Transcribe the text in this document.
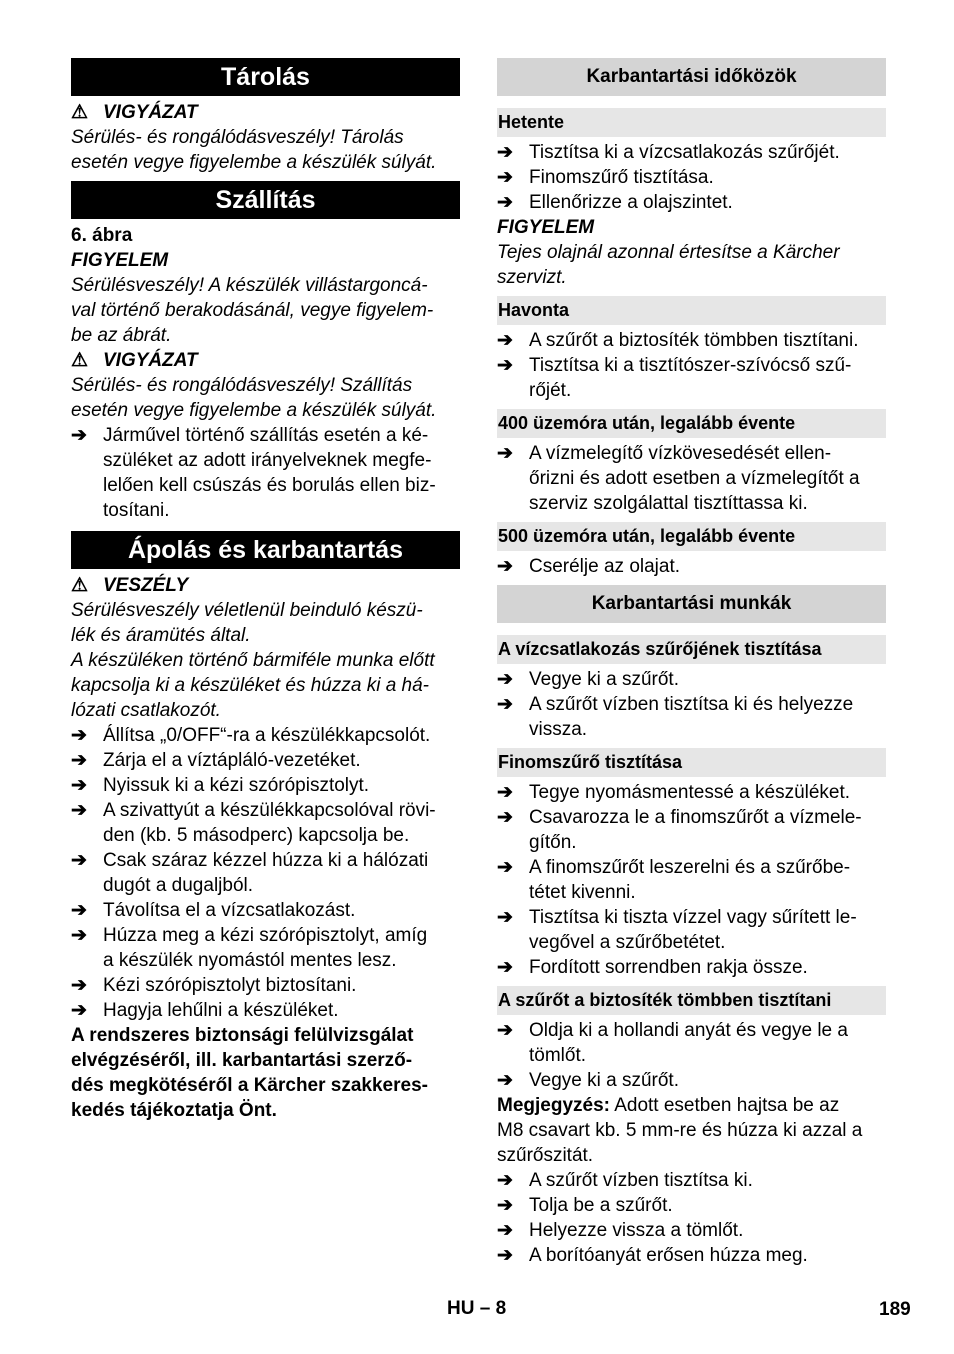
Tárolás
⚠ VIGYÁZAT
Sérülés- és rongálódásveszély! Tárolás
esetén vegye figyelembe a készülék súlyát.
Szállítás
6. ábra
FIGYELEM
Sérülésveszély! A készülék villástargoncá-
val történő berakodásánál, vegye figyelem-
be az ábrát.
⚠ VIGYÁZAT
Sérülés- és rongálódásveszély! Szállítás
esetén vegye figyelembe a készülék súlyát.
➔
Járművel történő szállítás esetén a ké-
szüléket az adott irányelveknek megfe-
lelően kell csúszás és borulás ellen biz-
tosítani.
Ápolás és karbantartás
⚠ VESZÉLY
Sérülésveszély véletlenül beinduló készü-
lék és áramütés által.
A készüléken történő bármiféle munka előtt
kapcsolja ki a készüléket és húzza ki a há-
lózati csatlakozót.
➔
Állítsa „0/OFF“-ra a készülékkapcsolót.
➔
Zárja el a víztápláló-vezetéket.
➔
Nyissuk ki a kézi szórópisztolyt.
➔
A szivattyút a készülékkapcsolóval rövi-
den (kb. 5 másodperc) kapcsolja be.
➔
Csak száraz kézzel húzza ki a hálózati
dugót a dugaljból.
➔
Távolítsa el a vízcsatlakozást.
➔
Húzza meg a kézi szórópisztolyt, amíg
a készülék nyomástól mentes lesz.
➔
Kézi szórópisztolyt biztosítani.
➔
Hagyja lehűlni a készüléket.
A rendszeres biztonsági felülvizsgálat
elvégzéséről, ill. karbantartási szerző-
dés megkötéséről a Kärcher szakkeres-
kedés tájékoztatja Önt.
Karbantartási időközök
Hetente
➔
Tisztítsa ki a vízcsatlakozás szűrőjét.
➔
Finomszűrő tisztítása.
➔
Ellenőrizze a olajszintet.
FIGYELEM
Tejes olajnál azonnal értesítse a Kärcher
szervizt.
Havonta
➔
A szűrőt a biztosíték tömbben tisztítani.
➔
Tisztítsa ki a tisztítószer-szívócső szű-
rőjét.
400 üzemóra után, legalább évente
➔
A vízmelegítő vízkövesedését ellen-
őrizni és adott esetben a vízmelegítőt a
szerviz szolgálattal tisztíttassa ki.
500 üzemóra után, legalább évente
➔
Cserélje az olajat.
Karbantartási munkák
A vízcsatlakozás szűrőjének tisztítása
➔
Vegye ki a szűrőt.
➔
A szűrőt vízben tisztítsa ki és helyezze
vissza.
Finomszűrő tisztítása
➔
Tegye nyomásmentessé a készüléket.
➔
Csavarozza le a finomszűrőt a vízmele-
gítőn.
➔
A finomszűrőt leszerelni és a szűrőbe-
tétet kivenni.
➔
Tisztítsa ki tiszta vízzel vagy sűrített le-
vegővel a szűrőbetétet.
➔
Fordított sorrendben rakja össze.
A szűrőt a biztosíték tömbben tisztítani
➔
Oldja ki a hollandi anyát és vegye le a
tömlőt.
➔
Vegye ki a szűrőt.
Megjegyzés: Adott esetben hajtsa be az
M8 csavart kb. 5 mm-re és húzza ki azzal a
szűrőszitát.
➔
A szűrőt vízben tisztítsa ki.
➔
Tolja be a szűrőt.
➔
Helyezze vissza a tömlőt.
➔
A borítóanyát erősen húzza meg.
HU – 8	189
